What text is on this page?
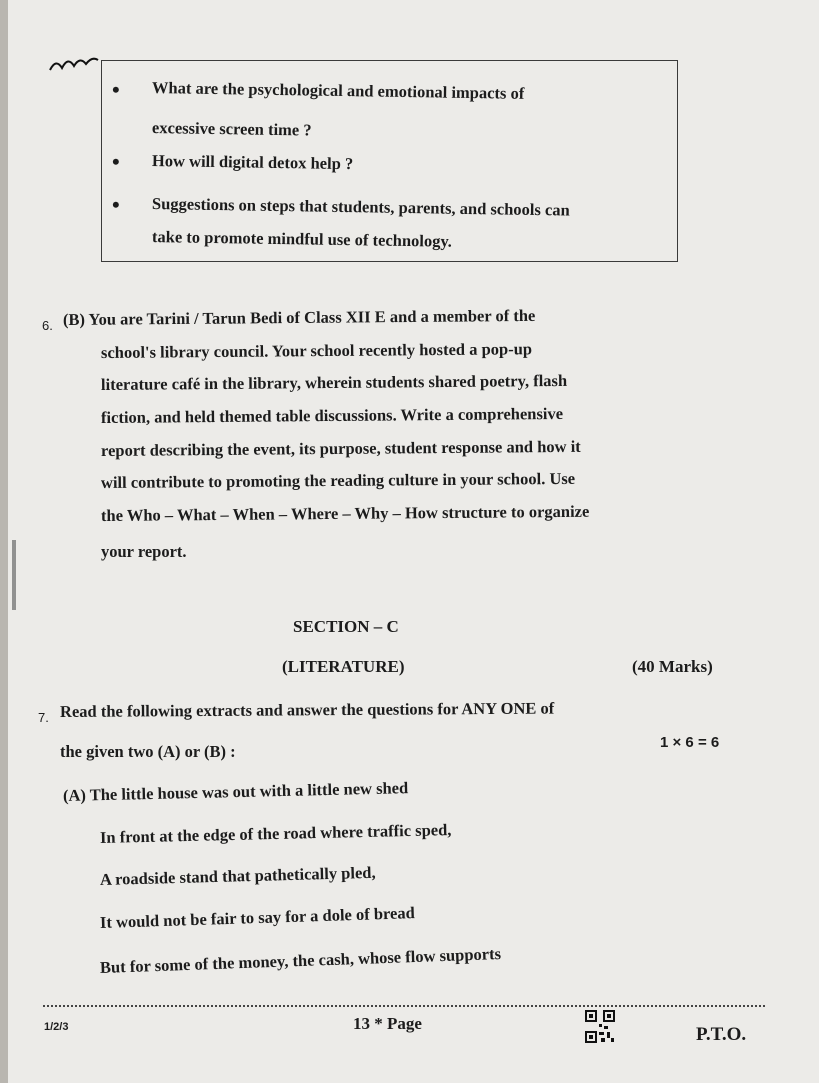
• What are the psychological and emotional impacts of
excessive screen time ?
• How will digital detox help ?
• Suggestions on steps that students, parents, and schools can
take to promote mindful use of technology.
6. (B) You are Tarini / Tarun Bedi of Class XII E and a member of the
school's library council. Your school recently hosted a pop-up
literature café in the library, wherein students shared poetry, flash
fiction, and held themed table discussions. Write a comprehensive
report describing the event, its purpose, student response and how it
will contribute to promoting the reading culture in your school. Use
the Who – What – When – Where – Why – How structure to organize
your report.
SECTION – C
(LITERATURE)	(40 Marks)
7. Read the following extracts and answer the questions for ANY ONE of
the given two (A) or (B) :	1 × 6 = 6
(A) The little house was out with a little new shed
In front at the edge of the road where traffic sped,
A roadside stand that pathetically pled,
It would not be fair to say for a dole of bread
But for some of the money, the cash, whose flow supports
1/2/3	13 * Page
P.T.O.
